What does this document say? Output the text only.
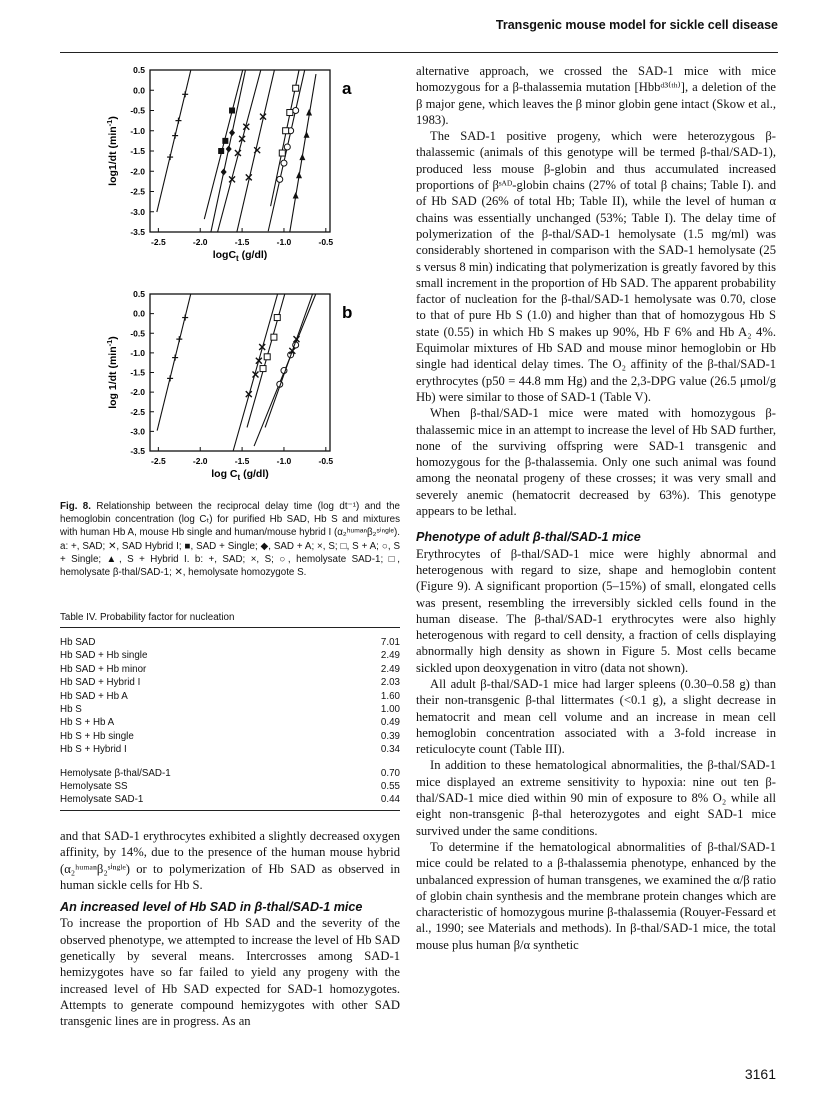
Transgenic mouse model for sickle cell disease
0.5
0.0
-0.5
-1.0
-1.5
-2.0
-2.5
-3.0
-3.5
-2.5	-2.0	-1.5	-1.0	-0.5
logC$_t$ (g/dl)
log1/dt $(\min^{-1})$
a
0.5
0.0
-0.5
-1.0
-1.5
-2.0
-2.5
-3.0
-3.5
-2.5	-2.0	-1.5	-1.0	-0.5
$\log C_t$ (g/dl)
log 1/dt $(\min^{-1})$
b
Fig. 8. Relationship between the reciprocal delay time (log dt⁻¹) and the hemoglobin concentration (log Cₜ) for purified Hb SAD, Hb S and mixtures with human Hb A, mouse Hb single and human/mouse hybrid I (α₂ʰᵘᵐᵃⁿβ₂ˢⁱⁿᵍˡᵉ). a: +, SAD; ✕, SAD Hybrid I; ■, SAD + Single; ◆, SAD + A; ×, S; □, S + A; ○, S + Single; ▲, S + Hybrid I. b: +, SAD; ×, S; ○, hemolysate SAD-1; □, hemolysate β-thal/SAD-1; ✕, hemolysate homozygote S.
Table IV. Probability factor for nucleation
Hb SAD	7.01
Hb SAD + Hb single	2.49
Hb SAD + Hb minor	2.49
Hb SAD + Hybrid I	2.03
Hb SAD + Hb A	1.60
Hb S	1.00
Hb S + Hb A	0.49
Hb S + Hb single	0.39
Hb S + Hybrid I	0.34
Hemolysate β-thal/SAD-1	0.70
Hemolysate SS	0.55
Hemolysate SAD-1	0.44

and that SAD-1 erythrocytes exhibited a slightly decreased oxygen affinity, by 14%, due to the presence of the human mouse hybrid (α₂ʰᵘᵐᵃⁿβ₂ˢⁱⁿᵍˡᵉ) or to polymerization of Hb SAD as observed in human sickle cells for Hb S.

An increased level of Hb SAD in β-thal/SAD-1 mice

To increase the proportion of Hb SAD and the severity of the observed phenotype, we attempted to increase the level of Hb SAD genetically by several means. Intercrosses among SAD-1 hemizygotes have so far failed to yield any progeny with the increased level of Hb SAD expected for SAD-1 homozygotes. Attempts to generate compound hemizygotes with other SAD transgenic lines are in progress. As an

alternative approach, we crossed the SAD-1 mice with mice homozygous for a β-thalassemia mutation [Hbbᵈ³⁽ᵗʰ⁾], a deletion of the β major gene, which leaves the β minor globin gene intact (Skow et al., 1983).

The SAD-1 positive progeny, which were heterozygous β-thalassemic (animals of this genotype will be termed β-thal/SAD-1), produced less mouse β-globin and thus accumulated increased proportions of βˢᴬᴰ-globin chains (27% of total β chains; Table I). and of Hb SAD (26% of total Hb; Table II), while the level of human α chains was essentially unchanged (53%; Table I). The delay time of polymerization of the β-thal/SAD-1 hemolysate (1.5 mg/ml) was considerably shortened in comparison with the SAD-1 hemolysate (25 s versus 8 min) indicating that polymerization is greatly favored by this small increment in the proportion of Hb SAD. The apparent probability factor of nucleation for the β-thal/SAD-1 hemolysate was 0.70, close to that of pure Hb S (1.0) and higher than that of homozygous Hb S state (0.55) in which Hb S makes up 90%, Hb F 6% and Hb A₂ 4%. Equimolar mixtures of Hb SAD and mouse minor hemoglobin or Hb single had identical delay times. The O₂ affinity of the β-thal/SAD-1 erythrocytes (p50 = 44.8 mm Hg) and the 2,3-DPG value (26.5 μmol/g Hb) were similar to those of SAD-1 (Table V).

When β-thal/SAD-1 mice were mated with homozygous β-thalassemic mice in an attempt to increase the level of Hb SAD further, none of the surviving offspring were SAD-1 transgenic and homozygous for the β-thalassemia. Only one such animal was found among the neonatal progeny of these crosses; it was very small and severely anemic (hematocrit decreased by 63%). This genotype appears to be lethal.

Phenotype of adult β-thal/SAD-1 mice

Erythrocytes of β-thal/SAD-1 mice were highly abnormal and heterogenous with regard to size, shape and hemoglobin content (Figure 9). A significant proportion (5–15%) of small, elongated cells was present, resembling the irreversibly sickled cells found in the human disease. The β-thal/SAD-1 erythrocytes were also highly heterogenous with regard to cell density, a fraction of cells displaying abnormally high density as shown in Figure 5. Most cells became sickled upon deoxygenation in vitro (data not shown).

All adult β-thal/SAD-1 mice had larger spleens (0.30–0.58 g) than their non-transgenic β-thal littermates (<0.1 g), a slight decrease in hematocrit and mean cell volume and an increase in mean cell hemoglobin concentration associated with a 3-fold increase in reticulocyte count (Table III).

In addition to these hematological abnormalities, the β-thal/SAD-1 mice displayed an extreme sensitivity to hypoxia: nine out ten β-thal/SAD-1 mice died within 90 min of exposure to 8% O₂ while all eight non-transgenic β-thal heterozygotes and eight SAD-1 mice survived under the same conditions.

To determine if the hematological abnormalities of β-thal/SAD-1 mice could be related to a β-thalassemia phenotype, enhanced by the unbalanced expression of human transgenes, we examined the α/β ratio of globin chain synthesis and the membrane protein changes which are characteristic of homozygous murine β-thalassemia (Rouyer-Fessard et al., 1990; see Materials and methods). In β-thal/SAD-1 mice, the total mouse plus human β/α synthetic

3161
